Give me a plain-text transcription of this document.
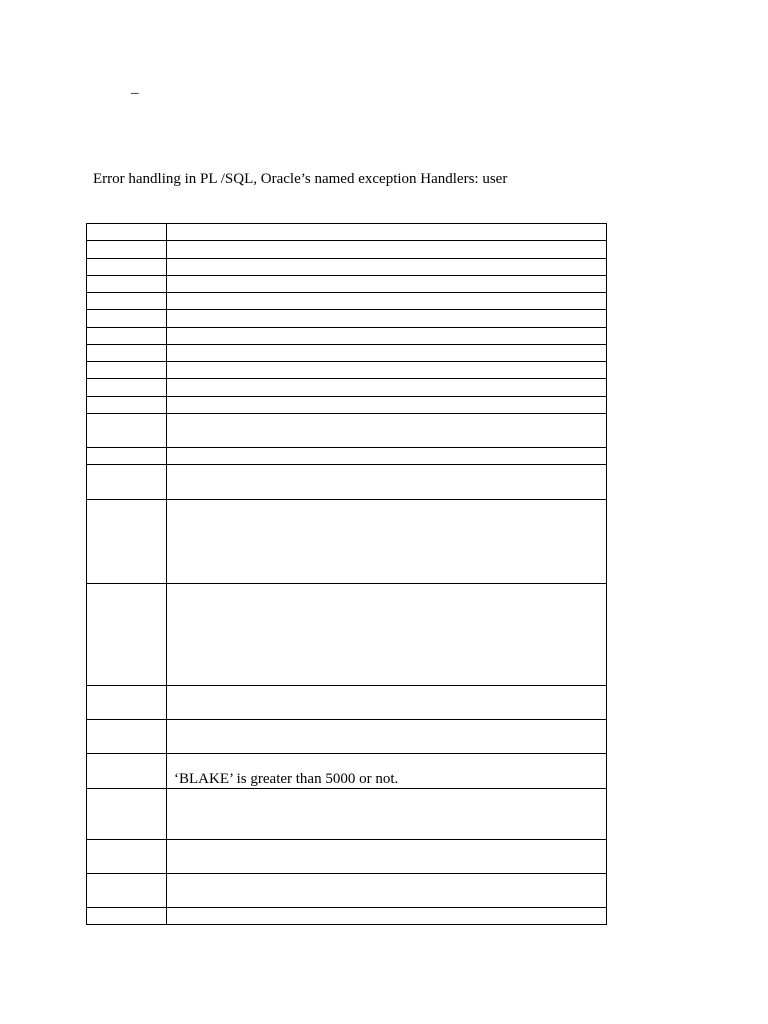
–
Error handling in PL /SQL, Oracle’s named exception Handlers: user

	‘BLAKE’ is greater than 5000 or not.
